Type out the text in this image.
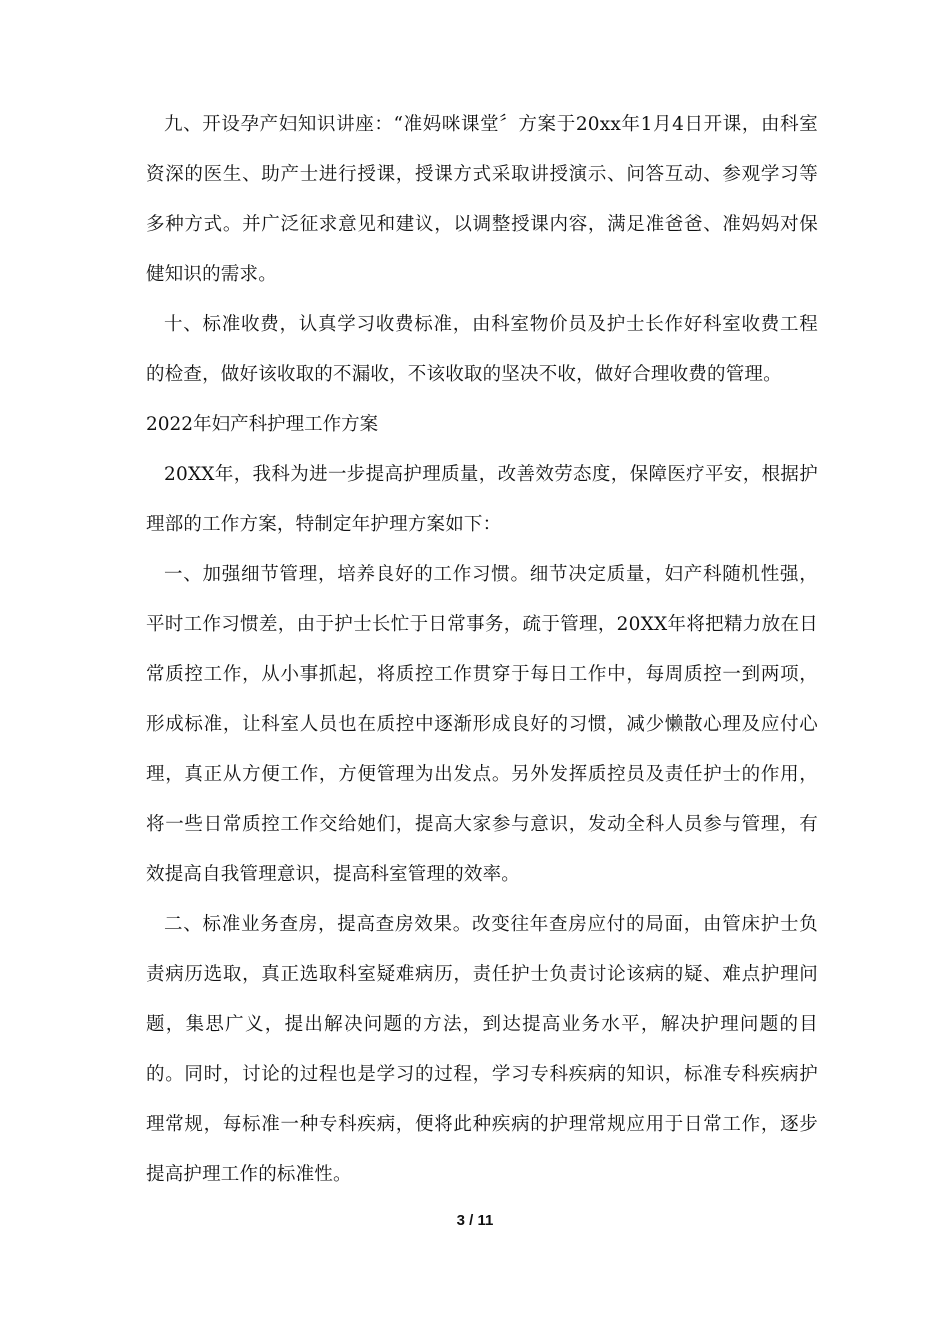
九、开设孕产妇知识讲座：“准妈咪课堂〞方案于20xx年1月4日开课，由科室资深的医生、助产士进行授课，授课方式采取讲授演示、问答互动、参观学习等多种方式。并广泛征求意见和建议，以调整授课内容，满足准爸爸、准妈妈对保健知识的需求。

十、标准收费，认真学习收费标准，由科室物价员及护士长作好科室收费工程的检查，做好该收取的不漏收，不该收取的坚决不收，做好合理收费的管理。

2022年妇产科护理工作方案

20XX年，我科为进一步提高护理质量，改善效劳态度，保障医疗平安，根据护理部的工作方案，特制定年护理方案如下：

一、加强细节管理，培养良好的工作习惯。细节决定质量，妇产科随机性强，平时工作习惯差，由于护士长忙于日常事务，疏于管理，20XX年将把精力放在日常质控工作，从小事抓起，将质控工作贯穿于每日工作中，每周质控一到两项，形成标准，让科室人员也在质控中逐渐形成良好的习惯，减少懒散心理及应付心理，真正从方便工作，方便管理为出发点。另外发挥质控员及责任护士的作用，将一些日常质控工作交给她们，提高大家参与意识，发动全科人员参与管理，有效提高自我管理意识，提高科室管理的效率。

二、标准业务查房，提高查房效果。改变往年查房应付的局面，由管床护士负责病历选取，真正选取科室疑难病历，责任护士负责讨论该病的疑、难点护理问题，集思广义，提出解决问题的方法，到达提高业务水平，解决护理问题的目的。同时，讨论的过程也是学习的过程，学习专科疾病的知识，标准专科疾病护理常规，每标准一种专科疾病，便将此种疾病的护理常规应用于日常工作，逐步提高护理工作的标准性。

3 / 11
